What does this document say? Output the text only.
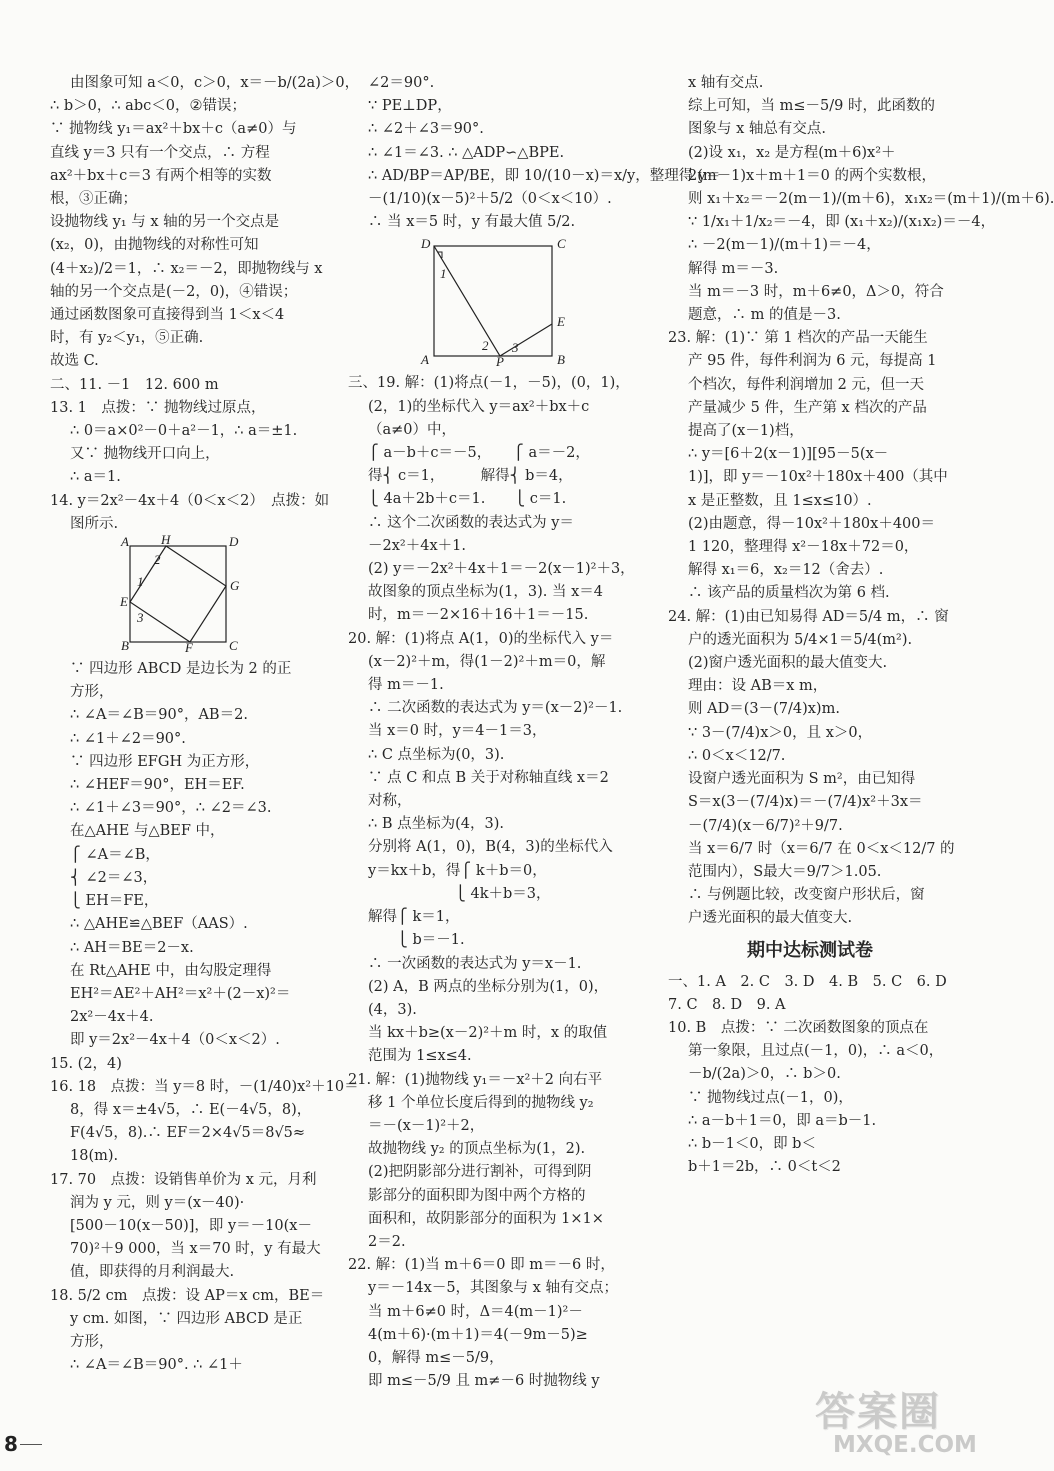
由图象可知 a＜0，c＞0，x＝－b/(2a)＞0，
∴ b＞0，∴ abc＜0，②错误；
∵ 抛物线 y₁＝ax²＋bx＋c（a≠0）与
直线 y＝3 只有一个交点，∴ 方程
ax²＋bx＋c＝3 有两个相等的实数
根，③正确；
设抛物线 y₁ 与 x 轴的另一个交点是
(x₂，0)，由抛物线的对称性可知
(4＋x₂)/2＝1，∴ x₂＝－2，即抛物线与 x
轴的另一个交点是(－2，0)，④错误；
通过函数图象可直接得到当 1＜x＜4
时，有 y₂＜y₁，⑤正确.
故选 C.
二、11. －1　12. 600 m
13. 1　点拨：∵ 抛物线过原点，
∴ 0＝a×0²－0＋a²－1，∴ a＝±1.
又∵ 抛物线开口向上，
∴ a＝1.
14. y＝2x²－4x＋4（0＜x＜2）　点拨：如
图所示.
A H	D
2
1
E
G
3
B	F	C
∵ 四边形 ABCD 是边长为 2 的正
方形，
∴ ∠A＝∠B＝90°，AB＝2.
∴ ∠1＋∠2＝90°.
∵ 四边形 EFGH 为正方形，
∴ ∠HEF＝90°，EH＝EF.
∴ ∠1＋∠3＝90°，∴ ∠2＝∠3.
在△AHE 与△BEF 中，
⎧ ∠A＝∠B，
⎨ ∠2＝∠3，
⎩ EH＝FE，
∴ △AHE≌△BEF（AAS）.
∴ AH＝BE＝2－x.
在 Rt△AHE 中，由勾股定理得
EH²＝AE²＋AH²＝x²＋(2－x)²＝
2x²－4x＋4.
即 y＝2x²－4x＋4（0＜x＜2）.
15. (2，4)
16. 18　点拨：当 y＝8 时，－(1/40)x²＋10＝
8，得 x＝±4√5，∴ E(－4√5，8)，
F(4√5，8).∴ EF＝2×4√5＝8√5≈
18(m).
17. 70　点拨：设销售单价为 x 元，月利
润为 y 元，则 y＝(x－40)·
[500－10(x－50)]，即 y＝－10(x－
70)²＋9 000，当 x＝70 时，y 有最大
值，即获得的月利润最大.
18. 5/2 cm　点拨：设 AP＝x cm，BE＝
y cm. 如图，∵ 四边形 ABCD 是正
方形，
∴ ∠A＝∠B＝90°. ∴ ∠1＋
∠2＝90°.
∵ PE⊥DP，
∴ ∠2＋∠3＝90°.
∴ ∠1＝∠3. ∴ △ADP∽△BPE.
∴ AD/BP＝AP/BE，即 10/(10－x)＝x/y，整理得 y＝
－(1/10)(x－5)²＋5/2（0＜x＜10）.
∴ 当 x＝5 时，y 有最大值 5/2.
D	C
1
E
2 3
A	P	B
三、19. 解：(1)将点(－1，－5)，(0，1)，
(2，1)的坐标代入 y＝ax²＋bx＋c
（a≠0）中，
⎧ a－b＋c＝－5，　　⎧ a＝－2，
得⎨ c＝1，　　　解得⎨ b＝4，
⎩ 4a＋2b＋c＝1.　　⎩ c＝1.
∴ 这个二次函数的表达式为 y＝
－2x²＋4x＋1.
(2) y＝－2x²＋4x＋1＝－2(x－1)²＋3，
故图象的顶点坐标为(1，3). 当 x＝4
时，m＝－2×16＋16＋1＝－15.
20. 解：(1)将点 A(1，0)的坐标代入 y＝
(x－2)²＋m，得(1－2)²＋m＝0，解
得 m＝－1.
∴ 二次函数的表达式为 y＝(x－2)²－1.
当 x＝0 时，y＝4－1＝3，
∴ C 点坐标为(0，3).
∵ 点 C 和点 B 关于对称轴直线 x＝2
对称，
∴ B 点坐标为(4，3).
分别将 A(1，0)，B(4，3)的坐标代入
y＝kx＋b，得⎧ k＋b＝0，
　　　　　　⎩ 4k＋b＝3，
解得⎧ k＝1，
　　⎩ b＝－1.
∴ 一次函数的表达式为 y＝x－1.
(2) A，B 两点的坐标分别为(1，0)，
(4，3).
当 kx＋b≥(x－2)²＋m 时，x 的取值
范围为 1≤x≤4.
21. 解：(1)抛物线 y₁＝－x²＋2 向右平
移 1 个单位长度后得到的抛物线 y₂
＝－(x－1)²＋2，
故抛物线 y₂ 的顶点坐标为(1，2).
(2)把阴影部分进行割补，可得到阴
影部分的面积即为图中两个方格的
面积和，故阴影部分的面积为 1×1×
2＝2.
22. 解：(1)当 m＋6＝0 即 m＝－6 时，
y＝－14x－5，其图象与 x 轴有交点；
当 m＋6≠0 时，Δ＝4(m－1)²－
4(m＋6)·(m＋1)＝4(－9m－5)≥
0，解得 m≤－5/9，
即 m≤－5/9 且 m≠－6 时抛物线 y
x 轴有交点.
综上可知，当 m≤－5/9 时，此函数的
图象与 x 轴总有交点.
(2)设 x₁，x₂ 是方程(m＋6)x²＋
2(m－1)x＋m＋1＝0 的两个实数根，
则 x₁＋x₂＝－2(m－1)/(m＋6)，x₁x₂＝(m＋1)/(m＋6).
∵ 1/x₁＋1/x₂＝－4，即 (x₁＋x₂)/(x₁x₂)＝－4，
∴ －2(m－1)/(m＋1)＝－4，
解得 m＝－3.
当 m＝－3 时，m＋6≠0，Δ＞0，符合
题意，∴ m 的值是－3.
23. 解：(1)∵ 第 1 档次的产品一天能生
产 95 件，每件利润为 6 元，每提高 1
个档次，每件利润增加 2 元，但一天
产量减少 5 件，生产第 x 档次的产品
提高了(x－1)档，
∴ y＝[6＋2(x－1)][95－5(x－
1)]，即 y＝－10x²＋180x＋400（其中
x 是正整数，且 1≤x≤10）.
(2)由题意，得－10x²＋180x＋400＝
1 120，整理得 x²－18x＋72＝0，
解得 x₁＝6，x₂＝12（舍去）.
∴ 该产品的质量档次为第 6 档.
24. 解：(1)由已知易得 AD＝5/4 m，∴ 窗
户的透光面积为 5/4×1＝5/4(m²).
(2)窗户透光面积的最大值变大.
理由：设 AB＝x m，
则 AD＝(3－(7/4)x)m.
∵ 3－(7/4)x＞0，且 x＞0，
∴ 0＜x＜12/7.
设窗户透光面积为 S m²，由已知得
S＝x(3－(7/4)x)＝－(7/4)x²＋3x＝
－(7/4)(x－6/7)²＋9/7.
当 x＝6/7 时（x＝6/7 在 0＜x＜12/7 的
范围内），S最大＝9/7＞1.05.
∴ 与例题比较，改变窗户形状后，窗
户透光面积的最大值变大.
期中达标测试卷
一、1. A　2. C　3. D　4. B　5. C　6. D
7. C　8. D　9. A
10. B　点拨：∵ 二次函数图象的顶点在
第一象限，且过点(－1，0)，∴ a＜0，
－b/(2a)＞0，∴ b＞0.
∵ 抛物线过点(－1，0)，
∴ a－b＋1＝0，即 a＝b－1.
∴ b－1＜0，即 b＜
b＋1＝2b，∴ 0＜t＜2
8
答案圈
MXQE.COM
